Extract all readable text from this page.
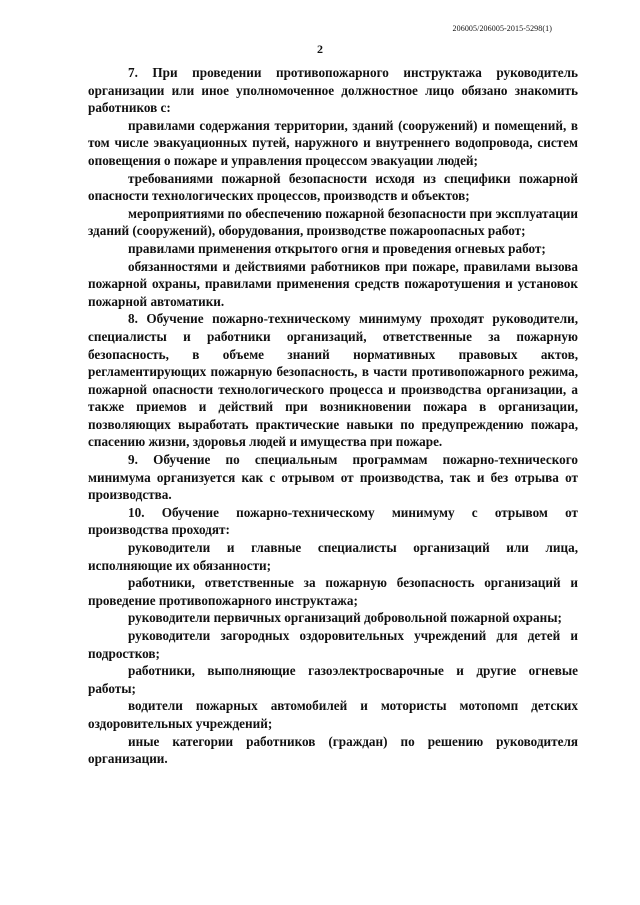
206005/206005-2015-5298(1)
2

7. При проведении противопожарного инструктажа руководитель организации или иное уполномоченное должностное лицо обязано знакомить работников с:

правилами содержания территории, зданий (сооружений) и помещений, в том числе эвакуационных путей, наружного и внутреннего водопровода, систем оповещения о пожаре и управления процессом эвакуации людей;

требованиями пожарной безопасности исходя из специфики пожарной опасности технологических процессов, производств и объектов;

мероприятиями по обеспечению пожарной безопасности при эксплуатации зданий (сооружений), оборудования, производстве пожароопасных работ;

правилами применения открытого огня и проведения огневых работ;

обязанностями и действиями работников при пожаре, правилами вызова пожарной охраны, правилами применения средств пожаротушения и установок пожарной автоматики.

8. Обучение пожарно-техническому минимуму проходят руководители, специалисты и работники организаций, ответственные за пожарную безопасность, в объеме знаний нормативных правовых актов, регламентирующих пожарную безопасность, в части противопожарного режима, пожарной опасности технологического процесса и производства организации, а также приемов и действий при возникновении пожара в организации, позволяющих выработать практические навыки по предупреждению пожара, спасению жизни, здоровья людей и имущества при пожаре.

9. Обучение по специальным программам пожарно-технического минимума организуется как с отрывом от производства, так и без отрыва от производства.

10. Обучение пожарно-техническому минимуму с отрывом от производства проходят:

руководители и главные специалисты организаций или лица, исполняющие их обязанности;

работники, ответственные за пожарную безопасность организаций и проведение противопожарного инструктажа;

руководители первичных организаций добровольной пожарной охраны;

руководители загородных оздоровительных учреждений для детей и подростков;

работники, выполняющие газоэлектросварочные и другие огневые работы;

водители пожарных автомобилей и мотористы мотопомп детских оздоровительных учреждений;

иные категории работников (граждан) по решению руководителя организации.
